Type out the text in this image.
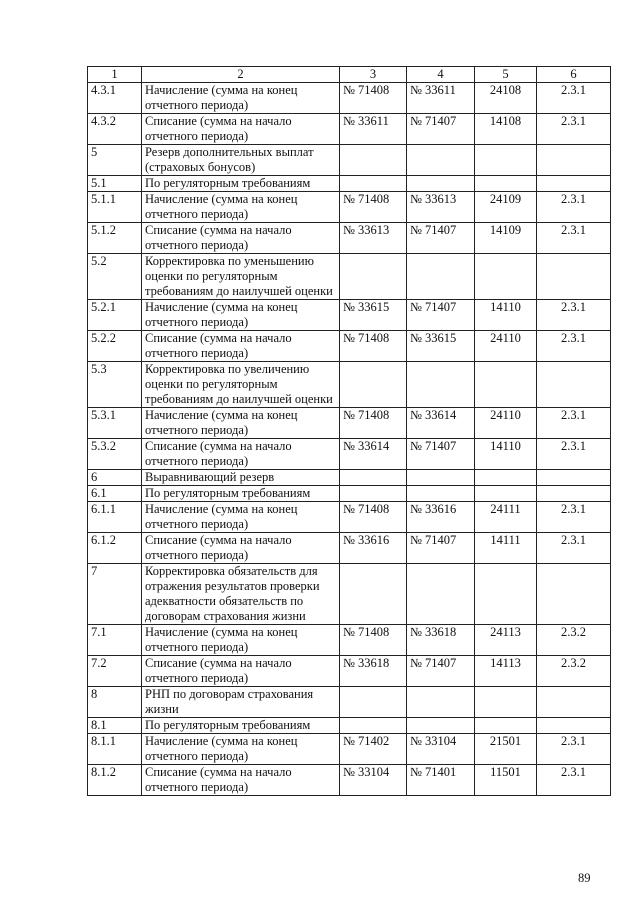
1	2	3	4	5	6
4.3.1	Начисление (сумма на конец отчетного периода)	№ 71408	№ 33611	24108	2.3.1
4.3.2	Списание (сумма на начало отчетного периода)	№ 33611	№ 71407	14108	2.3.1
5	Резерв дополнительных выплат (страховых бонусов)				
5.1	По регуляторным требованиям				
5.1.1	Начисление (сумма на конец отчетного периода)	№ 71408	№ 33613	24109	2.3.1
5.1.2	Списание (сумма на начало отчетного периода)	№ 33613	№ 71407	14109	2.3.1
5.2	Корректировка по уменьшению оценки по регуляторным требованиям до наилучшей оценки				
5.2.1	Начисление (сумма на конец отчетного периода)	№ 33615	№ 71407	14110	2.3.1
5.2.2	Списание (сумма на начало отчетного периода)	№ 71408	№ 33615	24110	2.3.1
5.3	Корректировка по увеличению оценки по регуляторным требованиям до наилучшей оценки				
5.3.1	Начисление (сумма на конец отчетного периода)	№ 71408	№ 33614	24110	2.3.1
5.3.2	Списание (сумма на начало отчетного периода)	№ 33614	№ 71407	14110	2.3.1
6	Выравнивающий резерв				
6.1	По регуляторным требованиям				
6.1.1	Начисление (сумма на конец отчетного периода)	№ 71408	№ 33616	24111	2.3.1
6.1.2	Списание (сумма на начало отчетного периода)	№ 33616	№ 71407	14111	2.3.1
7	Корректировка обязательств для отражения результатов проверки адекватности обязательств по договорам страхования жизни				
7.1	Начисление (сумма на конец отчетного периода)	№ 71408	№ 33618	24113	2.3.2
7.2	Списание (сумма на начало отчетного периода)	№ 33618	№ 71407	14113	2.3.2
8	РНП по договорам страхования жизни				
8.1	По регуляторным требованиям				
8.1.1	Начисление (сумма на конец отчетного периода)	№ 71402	№ 33104	21501	2.3.1
8.1.2	Списание (сумма на начало отчетного периода)	№ 33104	№ 71401	11501	2.3.1
89
